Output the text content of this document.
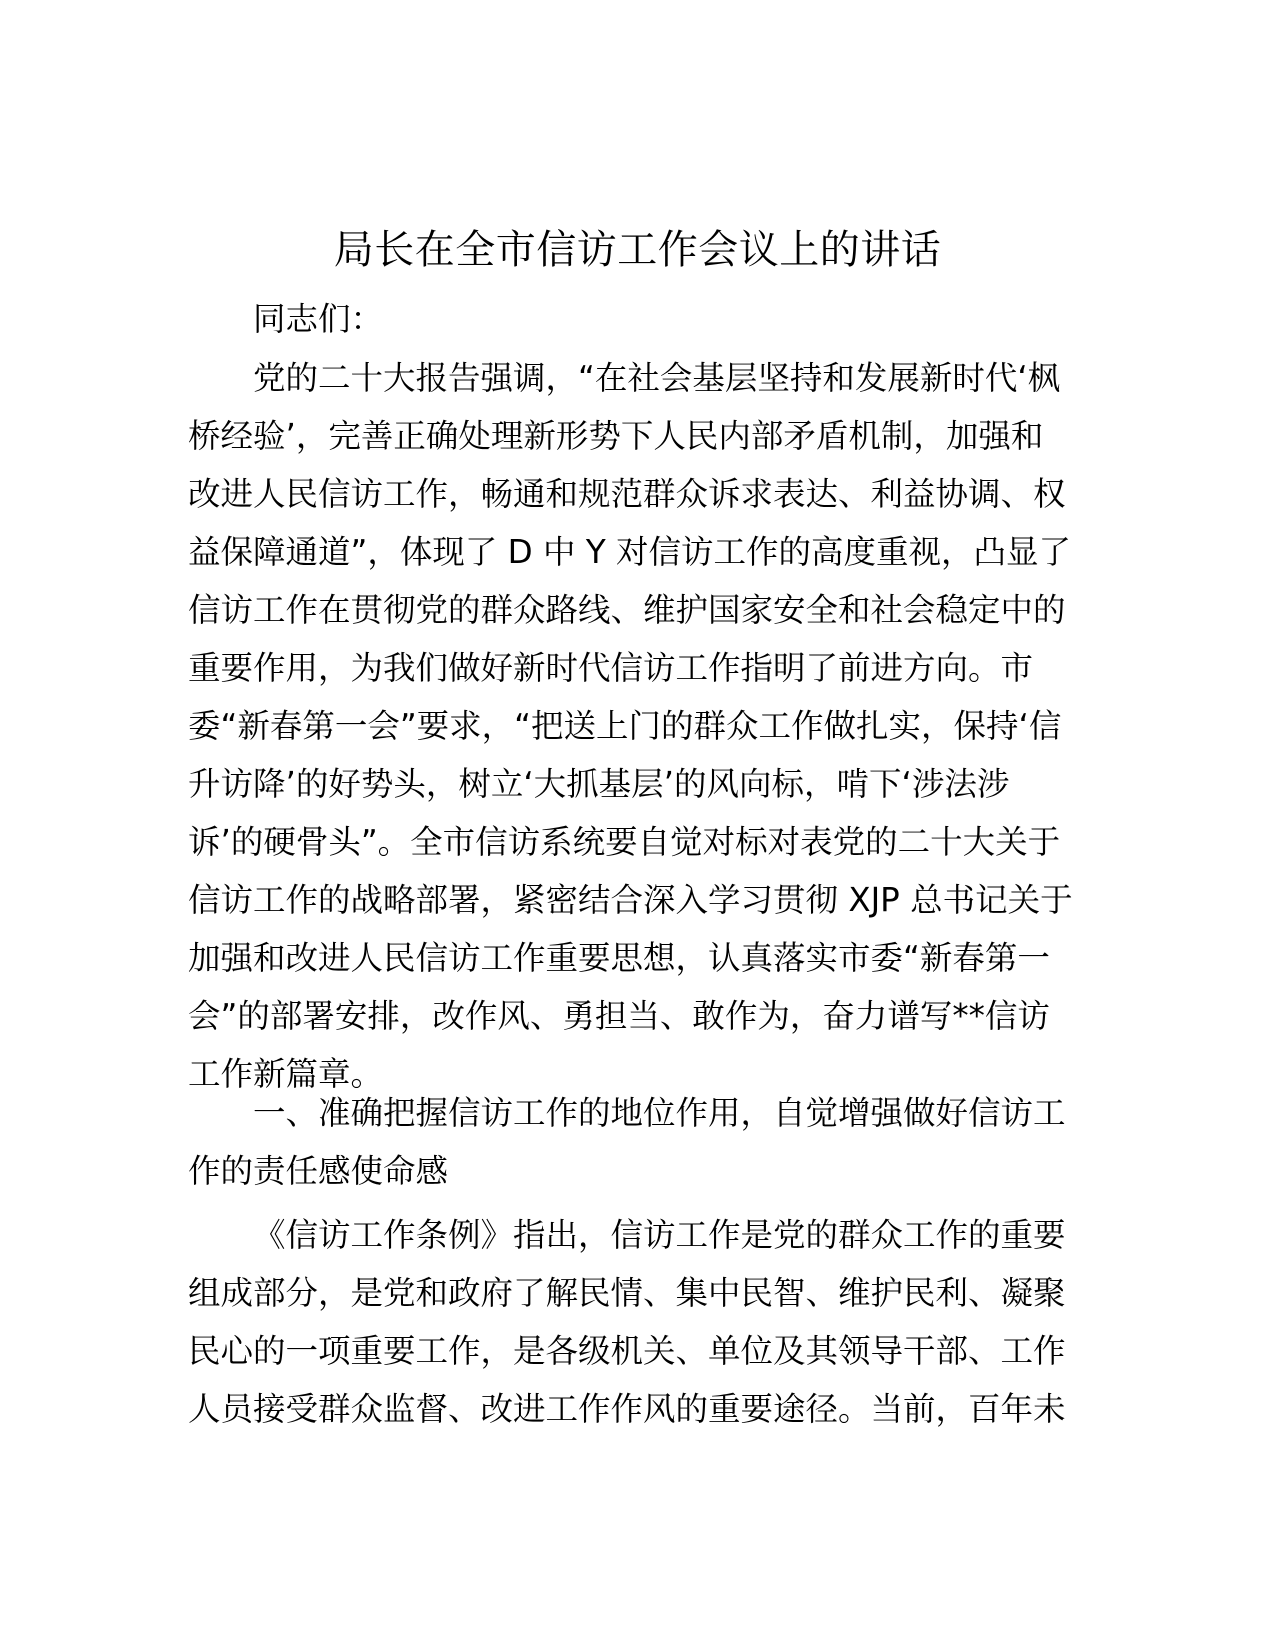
局长在全市信访工作会议上的讲话

同志们：

党的二十大报告强调，“在社会基层坚持和发展新时代‘枫
桥经验’，完善正确处理新形势下人民内部矛盾机制，加强和
改进人民信访工作，畅通和规范群众诉求表达、利益协调、权
益保障通道”，体现了 D 中 Y 对信访工作的高度重视，凸显了
信访工作在贯彻党的群众路线、维护国家安全和社会稳定中的
重要作用，为我们做好新时代信访工作指明了前进方向。市
委“新春第一会”要求，“把送上门的群众工作做扎实，保持‘信
升访降’的好势头，树立‘大抓基层’的风向标，啃下‘涉法涉
诉’的硬骨头”。全市信访系统要自觉对标对表党的二十大关于
信访工作的战略部署，紧密结合深入学习贯彻 XJP 总书记关于
加强和改进人民信访工作重要思想，认真落实市委“新春第一
会”的部署安排，改作风、勇担当、敢作为，奋力谱写**信访
工作新篇章。

一、准确把握信访工作的地位作用，自觉增强做好信访工
作的责任感使命感

《信访工作条例》指出，信访工作是党的群众工作的重要
组成部分，是党和政府了解民情、集中民智、维护民利、凝聚
民心的一项重要工作，是各级机关、单位及其领导干部、工作
人员接受群众监督、改进工作作风的重要途径。当前，百年未
